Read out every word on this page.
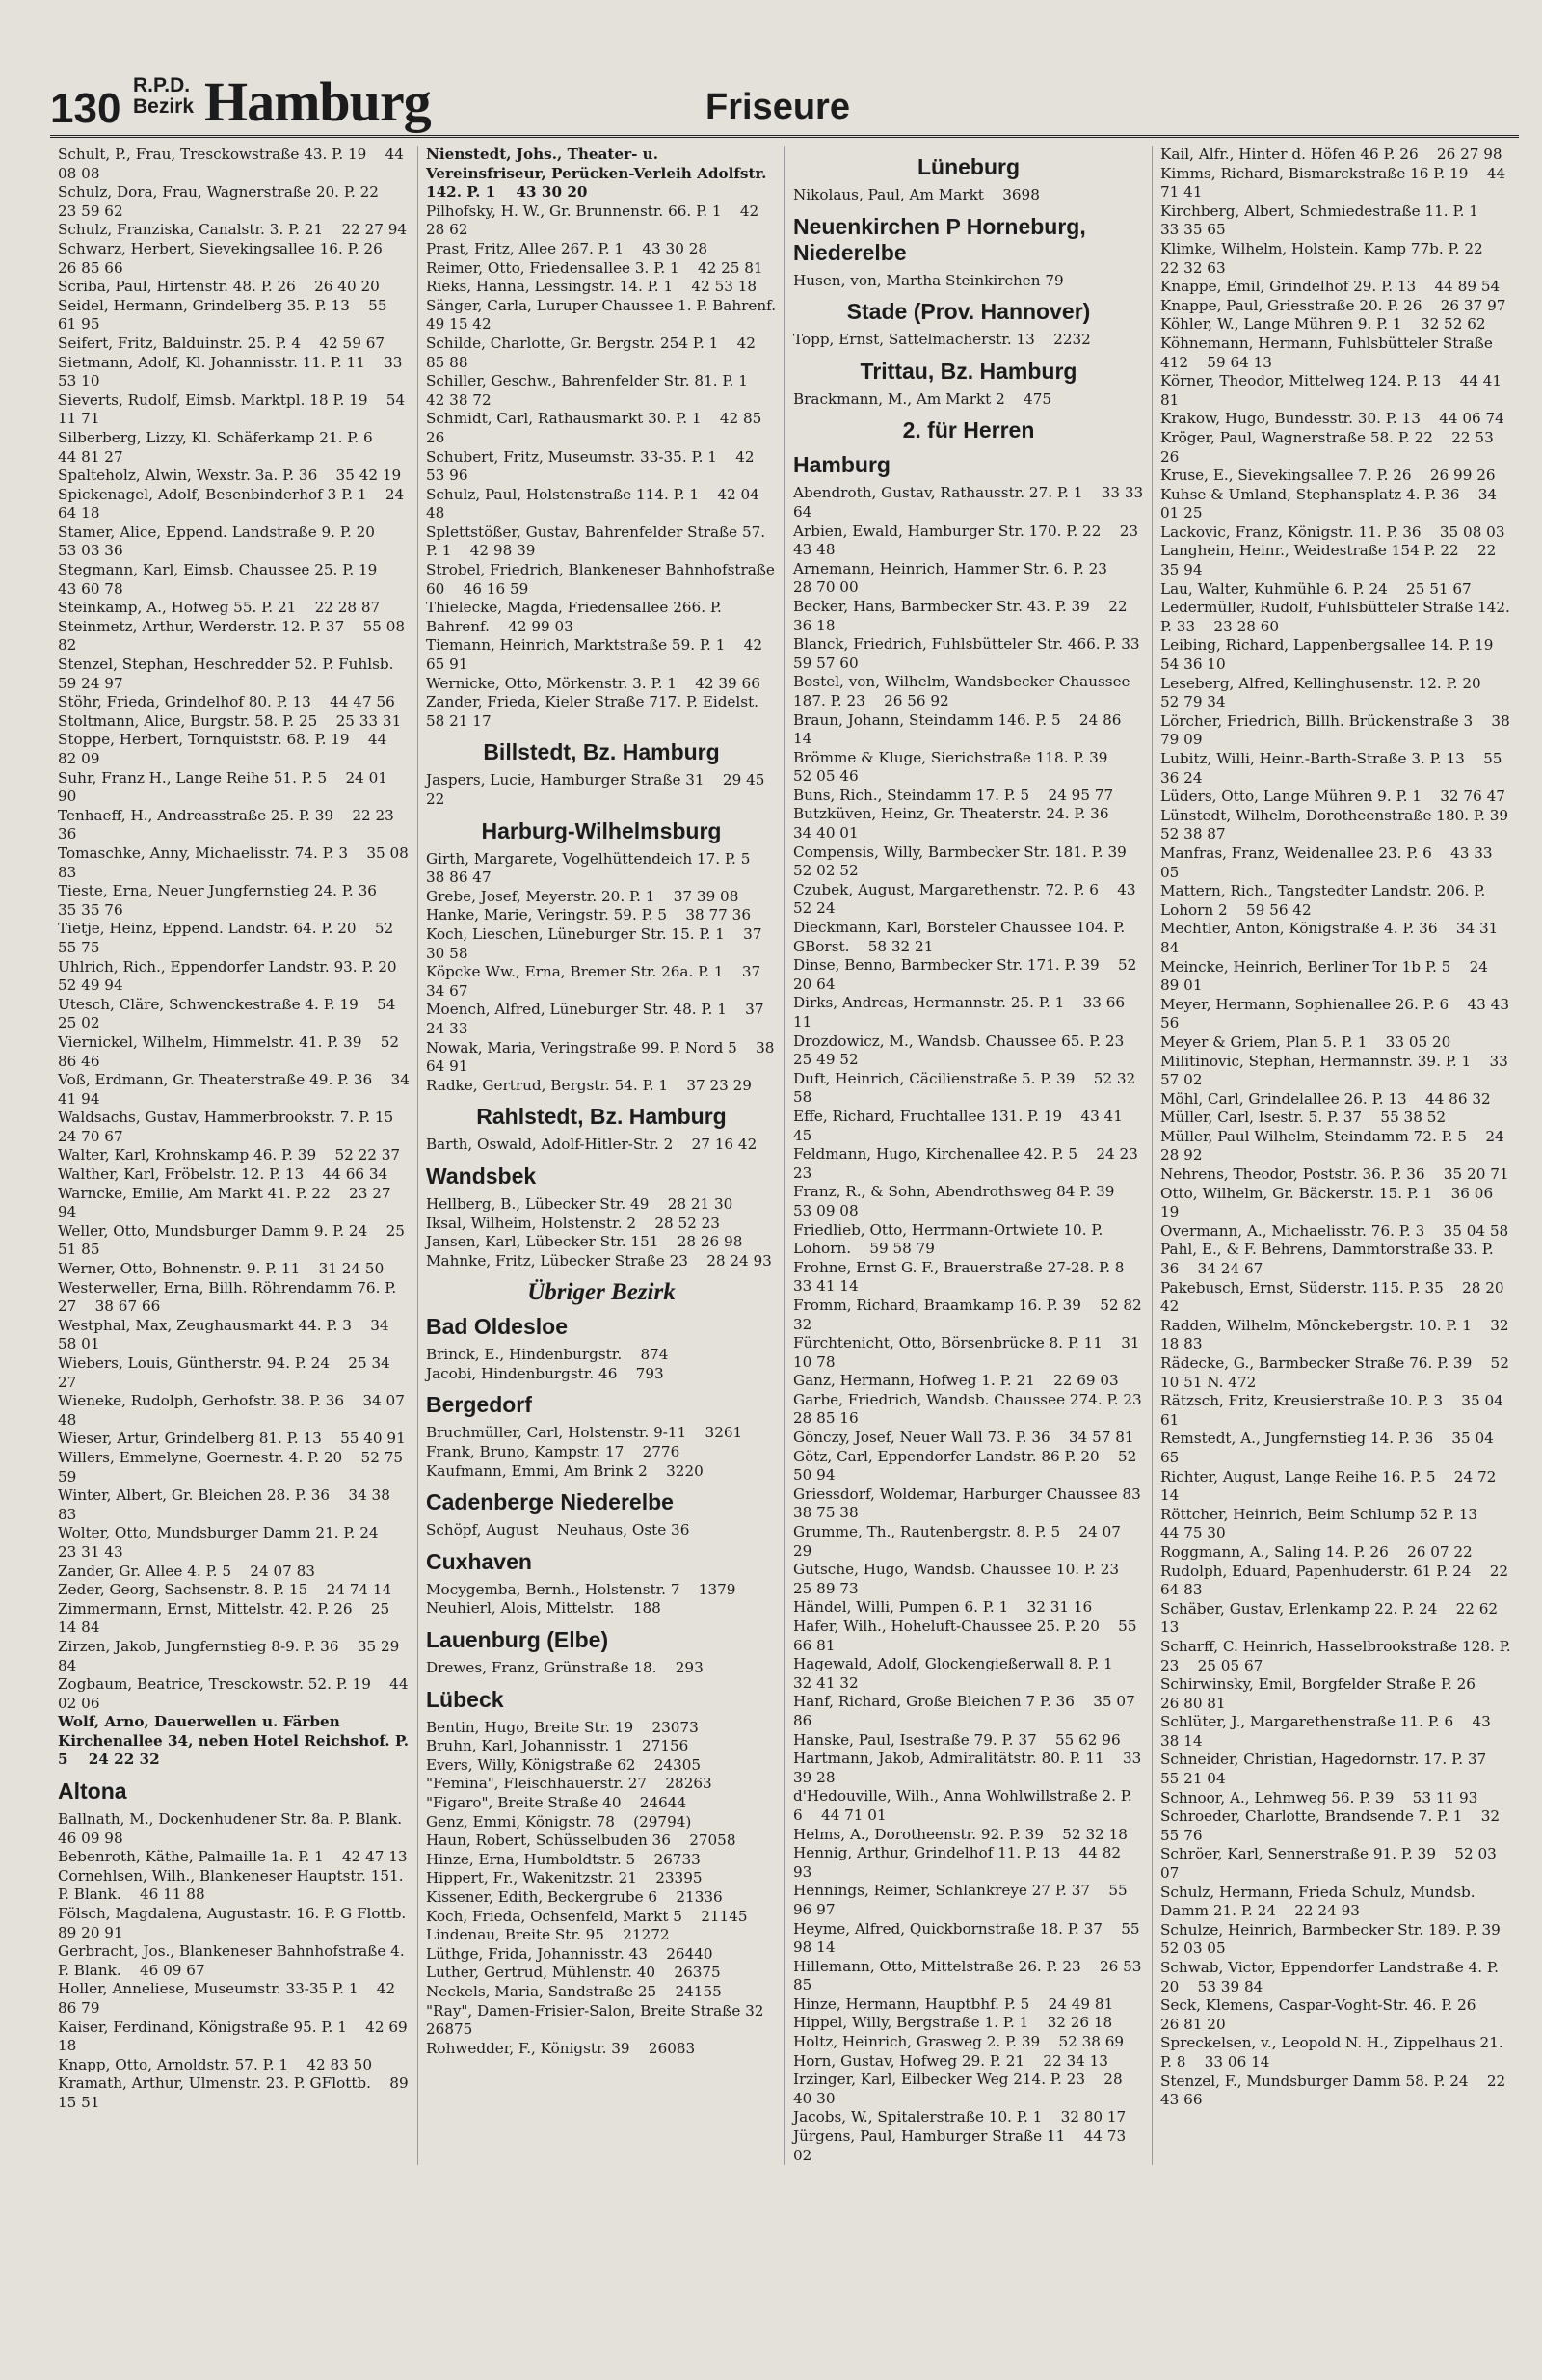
130 R.P.D.
Bezirk Hamburg	Friseure
Schult, P., Frau, Tresckowstraße 43. P. 19    44 08 08
Schulz, Dora, Frau, Wagnerstraße 20. P. 22    23 59 62
Schulz, Franziska, Canalstr. 3. P. 21    22 27 94
Schwarz, Herbert, Sievekingsallee 16. P. 26    26 85 66
Scriba, Paul, Hirtenstr. 48. P. 26    26 40 20
Seidel, Hermann, Grindelberg 35. P. 13    55 61 95
Seifert, Fritz, Balduinstr. 25. P. 4    42 59 67
Sietmann, Adolf, Kl. Johannisstr. 11. P. 11    33 53 10
Sieverts, Rudolf, Eimsb. Marktpl. 18 P. 19    54 11 71
Silberberg, Lizzy, Kl. Schäferkamp 21. P. 6    44 81 27
Spalteholz, Alwin, Wexstr. 3a. P. 36    35 42 19
Spickenagel, Adolf, Besenbinderhof 3 P. 1    24 64 18
Stamer, Alice, Eppend. Landstraße 9. P. 20    53 03 36
Stegmann, Karl, Eimsb. Chaussee 25. P. 19    43 60 78
Steinkamp, A., Hofweg 55. P. 21    22 28 87
Steinmetz, Arthur, Werderstr. 12. P. 37    55 08 82
Stenzel, Stephan, Heschredder 52. P. Fuhlsb.    59 24 97
Stöhr, Frieda, Grindelhof 80. P. 13    44 47 56
Stoltmann, Alice, Burgstr. 58. P. 25    25 33 31
Stoppe, Herbert, Tornquiststr. 68. P. 19    44 82 09
Suhr, Franz H., Lange Reihe 51. P. 5    24 01 90
Tenhaeff, H., Andreasstraße 25. P. 39    22 23 36
Tomaschke, Anny, Michaelisstr. 74. P. 3    35 08 83
Tieste, Erna, Neuer Jungfernstieg 24. P. 36    35 35 76
Tietje, Heinz, Eppend. Landstr. 64. P. 20    52 55 75
Uhlrich, Rich., Eppendorfer Landstr. 93. P. 20    52 49 94
Utesch, Cläre, Schwenckestraße 4. P. 19    54 25 02
Viernickel, Wilhelm, Himmelstr. 41. P. 39    52 86 46
Voß, Erdmann, Gr. Theaterstraße 49. P. 36    34 41 94
Waldsachs, Gustav, Hammerbrookstr. 7. P. 15    24 70 67
Walter, Karl, Krohnskamp 46. P. 39    52 22 37
Walther, Karl, Fröbelstr. 12. P. 13    44 66 34
Warncke, Emilie, Am Markt 41. P. 22    23 27 94
Weller, Otto, Mundsburger Damm 9. P. 24    25 51 85
Werner, Otto, Bohnenstr. 9. P. 11    31 24 50
Westerweller, Erna, Billh. Röhrendamm 76. P. 27    38 67 66
Westphal, Max, Zeughausmarkt 44. P. 3    34 58 01
Wiebers, Louis, Güntherstr. 94. P. 24    25 34 27
Wieneke, Rudolph, Gerhofstr. 38. P. 36    34 07 48
Wieser, Artur, Grindelberg 81. P. 13    55 40 91
Willers, Emmelyne, Goernestr. 4. P. 20    52 75 59
Winter, Albert, Gr. Bleichen 28. P. 36    34 38 83
Wolter, Otto, Mundsburger Damm 21. P. 24    23 31 43
Zander, Gr. Allee 4. P. 5    24 07 83
Zeder, Georg, Sachsenstr. 8. P. 15    24 74 14
Zimmermann, Ernst, Mittelstr. 42. P. 26    25 14 84
Zirzen, Jakob, Jungfernstieg 8-9. P. 36    35 29 84
Zogbaum, Beatrice, Tresckowstr. 52. P. 19    44 02 06
Wolf, Arno, Dauerwellen u. Färben Kirchenallee 34, neben Hotel Reichshof. P. 5    24 22 32
Altona
Ballnath, M., Dockenhudener Str. 8a. P. Blank.    46 09 98
Bebenroth, Käthe, Palmaille 1a. P. 1    42 47 13
Cornehlsen, Wilh., Blankeneser Hauptstr. 151. P. Blank.    46 11 88
Fölsch, Magdalena, Augustastr. 16. P. G Flottb.    89 20 91
Gerbracht, Jos., Blankeneser Bahnhofstraße 4. P. Blank.    46 09 67
Holler, Anneliese, Museumstr. 33-35 P. 1    42 86 79
Kaiser, Ferdinand, Königstraße 95. P. 1    42 69 18
Knapp, Otto, Arnoldstr. 57. P. 1    42 83 50
Kramath, Arthur, Ulmenstr. 23. P. GFlottb.    89 15 51
Nienstedt, Johs., Theater- u. Vereinsfriseur, Perücken-Verleih Adolfstr. 142. P. 1    43 30 20
Pilhofsky, H. W., Gr. Brunnenstr. 66. P. 1    42 28 62
Prast, Fritz, Allee 267. P. 1    43 30 28
Reimer, Otto, Friedensallee 3. P. 1    42 25 81
Rieks, Hanna, Lessingstr. 14. P. 1    42 53 18
Sänger, Carla, Luruper Chaussee 1. P. Bahrenf.    49 15 42
Schilde, Charlotte, Gr. Bergstr. 254 P. 1    42 85 88
Schiller, Geschw., Bahrenfelder Str. 81. P. 1    42 38 72
Schmidt, Carl, Rathausmarkt 30. P. 1    42 85 26
Schubert, Fritz, Museumstr. 33-35. P. 1    42 53 96
Schulz, Paul, Holstenstraße 114. P. 1    42 04 48
Splettstößer, Gustav, Bahrenfelder Straße 57. P. 1    42 98 39
Strobel, Friedrich, Blankeneser Bahnhofstraße 60    46 16 59
Thielecke, Magda, Friedensallee 266. P. Bahrenf.    42 99 03
Tiemann, Heinrich, Marktstraße 59. P. 1    42 65 91
Wernicke, Otto, Mörkenstr. 3. P. 1    42 39 66
Zander, Frieda, Kieler Straße 717. P. Eidelst.    58 21 17
Billstedt, Bz. Hamburg
Jaspers, Lucie, Hamburger Straße 31    29 45 22
Harburg-Wilhelmsburg
Girth, Margarete, Vogelhüttendeich 17. P. 5    38 86 47
Grebe, Josef, Meyerstr. 20. P. 1    37 39 08
Hanke, Marie, Veringstr. 59. P. 5    38 77 36
Koch, Lieschen, Lüneburger Str. 15. P. 1    37 30 58
Köpcke Ww., Erna, Bremer Str. 26a. P. 1    37 34 67
Moench, Alfred, Lüneburger Str. 48. P. 1    37 24 33
Nowak, Maria, Veringstraße 99. P. Nord 5    38 64 91
Radke, Gertrud, Bergstr. 54. P. 1    37 23 29
Rahlstedt, Bz. Hamburg
Barth, Oswald, Adolf-Hitler-Str. 2    27 16 42
Wandsbek
Hellberg, B., Lübecker Str. 49    28 21 30
Iksal, Wilheim, Holstenstr. 2    28 52 23
Jansen, Karl, Lübecker Str. 151    28 26 98
Mahnke, Fritz, Lübecker Straße 23    28 24 93
Übriger Bezirk
Bad Oldesloe
Brinck, E., Hindenburgstr.    874
Jacobi, Hindenburgstr. 46    793
Bergedorf
Bruchmüller, Carl, Holstenstr. 9-11    3261
Frank, Bruno, Kampstr. 17    2776
Kaufmann, Emmi, Am Brink 2    3220
Cadenberge Niederelbe
Schöpf, August    Neuhaus, Oste 36
Cuxhaven
Mocygemba, Bernh., Holstenstr. 7    1379
Neuhierl, Alois, Mittelstr.    188
Lauenburg (Elbe)
Drewes, Franz, Grünstraße 18.    293
Lübeck
Bentin, Hugo, Breite Str. 19    23073
Bruhn, Karl, Johannisstr. 1    27156
Evers, Willy, Königstraße 62    24305
"Femina", Fleischhauerstr. 27    28263
"Figaro", Breite Straße 40    24644
Genz, Emmi, Königstr. 78    (29794)
Haun, Robert, Schüsselbuden 36    27058
Hinze, Erna, Humboldtstr. 5    26733
Hippert, Fr., Wakenitzstr. 21    23395
Kissener, Edith, Beckergrube 6    21336
Koch, Frieda, Ochsenfeld, Markt 5    21145
Lindenau, Breite Str. 95    21272
Lüthge, Frida, Johannisstr. 43    26440
Luther, Gertrud, Mühlenstr. 40    26375
Neckels, Maria, Sandstraße 25    24155
"Ray", Damen-Frisier-Salon, Breite Straße 32    26875
Rohwedder, F., Königstr. 39    26083
Lüneburg
Nikolaus, Paul, Am Markt    3698
Neuenkirchen P Horneburg, Niederelbe
Husen, von, Martha Steinkirchen 79
Stade (Prov. Hannover)
Topp, Ernst, Sattelmacherstr. 13    2232
Trittau, Bz. Hamburg
Brackmann, M., Am Markt 2    475
2. für Herren
Hamburg
Abendroth, Gustav, Rathausstr. 27. P. 1    33 33 64
Arbien, Ewald, Hamburger Str. 170. P. 22    23 43 48
Arnemann, Heinrich, Hammer Str. 6. P. 23    28 70 00
Becker, Hans, Barmbecker Str. 43. P. 39    22 36 18
Blanck, Friedrich, Fuhlsbütteler Str. 466. P. 33    59 57 60
Bostel, von, Wilhelm, Wandsbecker Chaussee 187. P. 23    26 56 92
Braun, Johann, Steindamm 146. P. 5    24 86 14
Brömme & Kluge, Sierichstraße 118. P. 39    52 05 46
Buns, Rich., Steindamm 17. P. 5    24 95 77
Butzküven, Heinz, Gr. Theaterstr. 24. P. 36    34 40 01
Compensis, Willy, Barmbecker Str. 181. P. 39    52 02 52
Czubek, August, Margarethenstr. 72. P. 6    43 52 24
Dieckmann, Karl, Borsteler Chaussee 104. P. GBorst.    58 32 21
Dinse, Benno, Barmbecker Str. 171. P. 39    52 20 64
Dirks, Andreas, Hermannstr. 25. P. 1    33 66 11
Drozdowicz, M., Wandsb. Chaussee 65. P. 23    25 49 52
Duft, Heinrich, Cäcilienstraße 5. P. 39    52 32 58
Effe, Richard, Fruchtallee 131. P. 19    43 41 45
Feldmann, Hugo, Kirchenallee 42. P. 5    24 23 23
Franz, R., & Sohn, Abendrothsweg 84 P. 39    53 09 08
Friedlieb, Otto, Herrmann-Ortwiete 10. P. Lohorn.    59 58 79
Frohne, Ernst G. F., Brauerstraße 27-28. P. 8    33 41 14
Fromm, Richard, Braamkamp 16. P. 39    52 82 32
Fürchtenicht, Otto, Börsenbrücke 8. P. 11    31 10 78
Ganz, Hermann, Hofweg 1. P. 21    22 69 03
Garbe, Friedrich, Wandsb. Chaussee 274. P. 23    28 85 16
Gönczy, Josef, Neuer Wall 73. P. 36    34 57 81
Götz, Carl, Eppendorfer Landstr. 86 P. 20    52 50 94
Griessdorf, Woldemar, Harburger Chaussee 83    38 75 38
Grumme, Th., Rautenbergstr. 8. P. 5    24 07 29
Gutsche, Hugo, Wandsb. Chaussee 10. P. 23    25 89 73
Händel, Willi, Pumpen 6. P. 1    32 31 16
Hafer, Wilh., Hoheluft-Chaussee 25. P. 20    55 66 81
Hagewald, Adolf, Glockengießerwall 8. P. 1    32 41 32
Hanf, Richard, Große Bleichen 7 P. 36    35 07 86
Hanske, Paul, Isestraße 79. P. 37    55 62 96
Hartmann, Jakob, Admiralitätstr. 80. P. 11    33 39 28
d'Hedouville, Wilh., Anna Wohlwillstraße 2. P. 6    44 71 01
Helms, A., Dorotheenstr. 92. P. 39    52 32 18
Hennig, Arthur, Grindelhof 11. P. 13    44 82 93
Hennings, Reimer, Schlankreye 27 P. 37    55 96 97
Heyme, Alfred, Quickbornstraße 18. P. 37    55 98 14
Hillemann, Otto, Mittelstraße 26. P. 23    26 53 85
Hinze, Hermann, Hauptbhf. P. 5    24 49 81
Hippel, Willy, Bergstraße 1. P. 1    32 26 18
Holtz, Heinrich, Grasweg 2. P. 39    52 38 69
Horn, Gustav, Hofweg 29. P. 21    22 34 13
Irzinger, Karl, Eilbecker Weg 214. P. 23    28 40 30
Jacobs, W., Spitalerstraße 10. P. 1    32 80 17
Jürgens, Paul, Hamburger Straße 11    44 73 02
Kail, Alfr., Hinter d. Höfen 46 P. 26    26 27 98
Kimms, Richard, Bismarckstraße 16 P. 19    44 71 41
Kirchberg, Albert, Schmiedestraße 11. P. 1    33 35 65
Klimke, Wilhelm, Holstein. Kamp 77b. P. 22    22 32 63
Knappe, Emil, Grindelhof 29. P. 13    44 89 54
Knappe, Paul, Griesstraße 20. P. 26    26 37 97
Köhler, W., Lange Mühren 9. P. 1    32 52 62
Köhnemann, Hermann, Fuhlsbütteler Straße 412    59 64 13
Körner, Theodor, Mittelweg 124. P. 13    44 41 81
Krakow, Hugo, Bundesstr. 30. P. 13    44 06 74
Kröger, Paul, Wagnerstraße 58. P. 22    22 53 26
Kruse, E., Sievekingsallee 7. P. 26    26 99 26
Kuhse & Umland, Stephansplatz 4. P. 36    34 01 25
Lackovic, Franz, Königstr. 11. P. 36    35 08 03
Langhein, Heinr., Weidestraße 154 P. 22    22 35 94
Lau, Walter, Kuhmühle 6. P. 24    25 51 67
Ledermüller, Rudolf, Fuhlsbütteler Straße 142. P. 33    23 28 60
Leibing, Richard, Lappenbergsallee 14. P. 19    54 36 10
Leseberg, Alfred, Kellinghusenstr. 12. P. 20    52 79 34
Lörcher, Friedrich, Billh. Brückenstraße 3    38 79 09
Lubitz, Willi, Heinr.-Barth-Straße 3. P. 13    55 36 24
Lüders, Otto, Lange Mühren 9. P. 1    32 76 47
Lünstedt, Wilhelm, Dorotheenstraße 180. P. 39    52 38 87
Manfras, Franz, Weidenallee 23. P. 6    43 33 05
Mattern, Rich., Tangstedter Landstr. 206. P. Lohorn 2    59 56 42
Mechtler, Anton, Königstraße 4. P. 36    34 31 84
Meincke, Heinrich, Berliner Tor 1b P. 5    24 89 01
Meyer, Hermann, Sophienallee 26. P. 6    43 43 56
Meyer & Griem, Plan 5. P. 1    33 05 20
Militinovic, Stephan, Hermannstr. 39. P. 1    33 57 02
Möhl, Carl, Grindelallee 26. P. 13    44 86 32
Müller, Carl, Isestr. 5. P. 37    55 38 52
Müller, Paul Wilhelm, Steindamm 72. P. 5    24 28 92
Nehrens, Theodor, Poststr. 36. P. 36    35 20 71
Otto, Wilhelm, Gr. Bäckerstr. 15. P. 1    36 06 19
Overmann, A., Michaelisstr. 76. P. 3    35 04 58
Pahl, E., & F. Behrens, Dammtorstraße 33. P. 36    34 24 67
Pakebusch, Ernst, Süderstr. 115. P. 35    28 20 42
Radden, Wilhelm, Mönckebergstr. 10. P. 1    32 18 83
Rädecke, G., Barmbecker Straße 76. P. 39    52 10 51 N. 472
Rätzsch, Fritz, Kreusierstraße 10. P. 3    35 04 61
Remstedt, A., Jungfernstieg 14. P. 36    35 04 65
Richter, August, Lange Reihe 16. P. 5    24 72 14
Röttcher, Heinrich, Beim Schlump 52 P. 13    44 75 30
Roggmann, A., Saling 14. P. 26    26 07 22
Rudolph, Eduard, Papenhuderstr. 61 P. 24    22 64 83
Schäber, Gustav, Erlenkamp 22. P. 24    22 62 13
Scharff, C. Heinrich, Hasselbrookstraße 128. P. 23    25 05 67
Schirwinsky, Emil, Borgfelder Straße P. 26    26 80 81
Schlüter, J., Margarethenstraße 11. P. 6    43 38 14
Schneider, Christian, Hagedornstr. 17. P. 37    55 21 04
Schnoor, A., Lehmweg 56. P. 39    53 11 93
Schroeder, Charlotte, Brandsende 7. P. 1    32 55 76
Schröer, Karl, Sennerstraße 91. P. 39    52 03 07
Schulz, Hermann, Frieda Schulz, Mundsb. Damm 21. P. 24    22 24 93
Schulze, Heinrich, Barmbecker Str. 189. P. 39    52 03 05
Schwab, Victor, Eppendorfer Landstraße 4. P. 20    53 39 84
Seck, Klemens, Caspar-Voght-Str. 46. P. 26    26 81 20
Spreckelsen, v., Leopold N. H., Zippelhaus 21. P. 8    33 06 14
Stenzel, F., Mundsburger Damm 58. P. 24    22 43 66
